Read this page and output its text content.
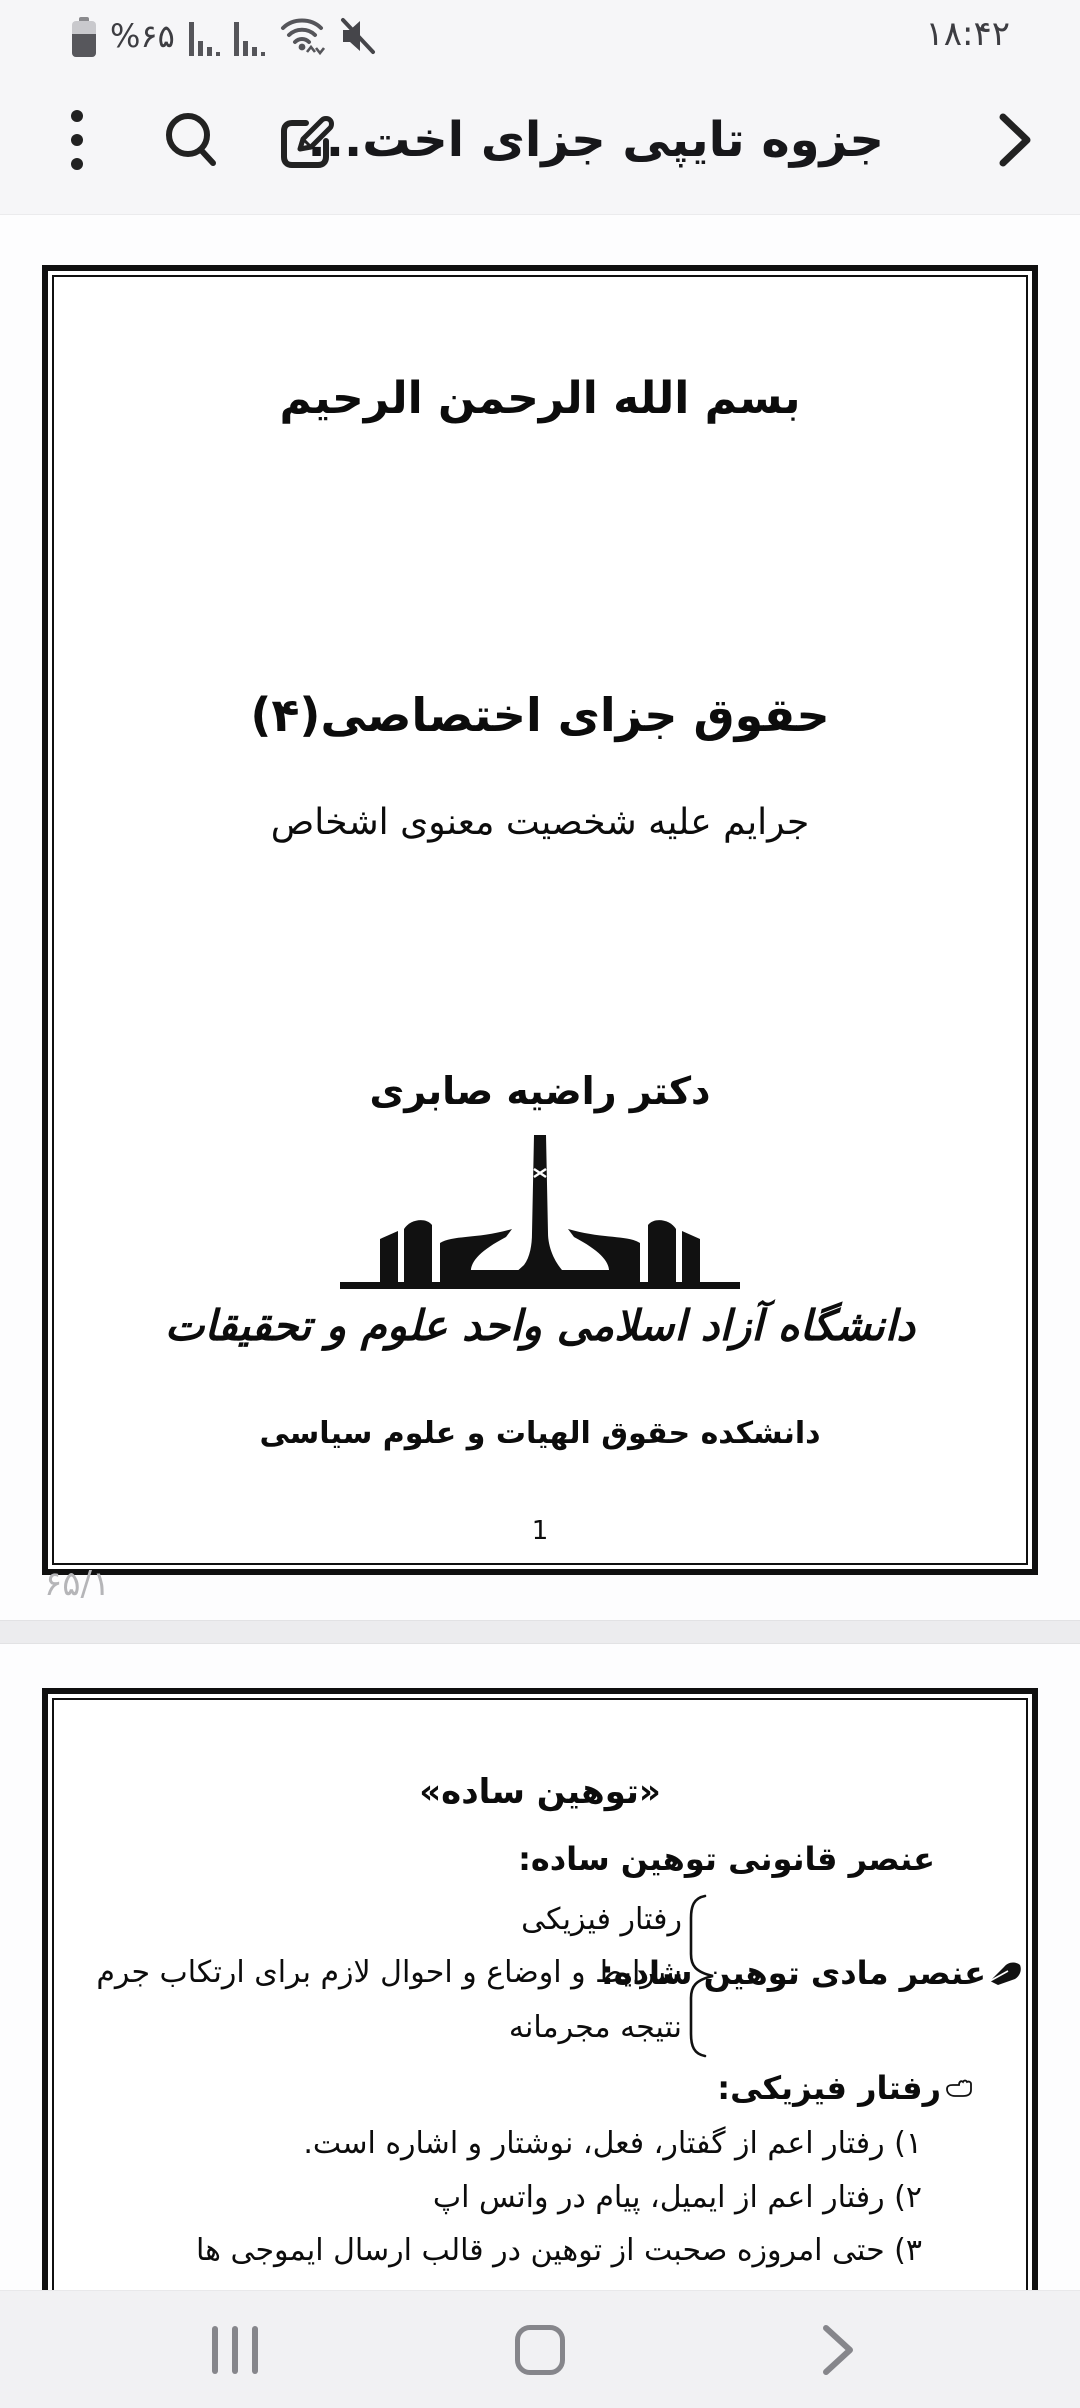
%۶۵	۱۸:۴۲
جزوه تایپی جزای اخت...
بسم الله الرحمن الرحیم
حقوق جزای اختصاصی(۴)
جرایم علیه شخصیت معنوی اشخاص
دکتر راضیه صابری
دانشگاه آزاد اسلامی واحد علوم و تحقیقات
دانشکده حقوق الهیات و علوم سیاسی
1
۶۵/۱
«توهین ساده»
عنصر قانونی توهین ساده:
عنصر مادی توهین ساده:
رفتار فیزیکی
شرایط و اوضاع و احوال لازم برای ارتکاب جرم
نتیجه مجرمانه
رفتار فیزیکی:
۱) رفتار اعم از گفتار، فعل، نوشتار و اشاره است.
۲) رفتار اعم از ایمیل، پیام در واتس اپ
۳) حتی امروزه صحبت از توهین در قالب ارسال ایموجی ها
